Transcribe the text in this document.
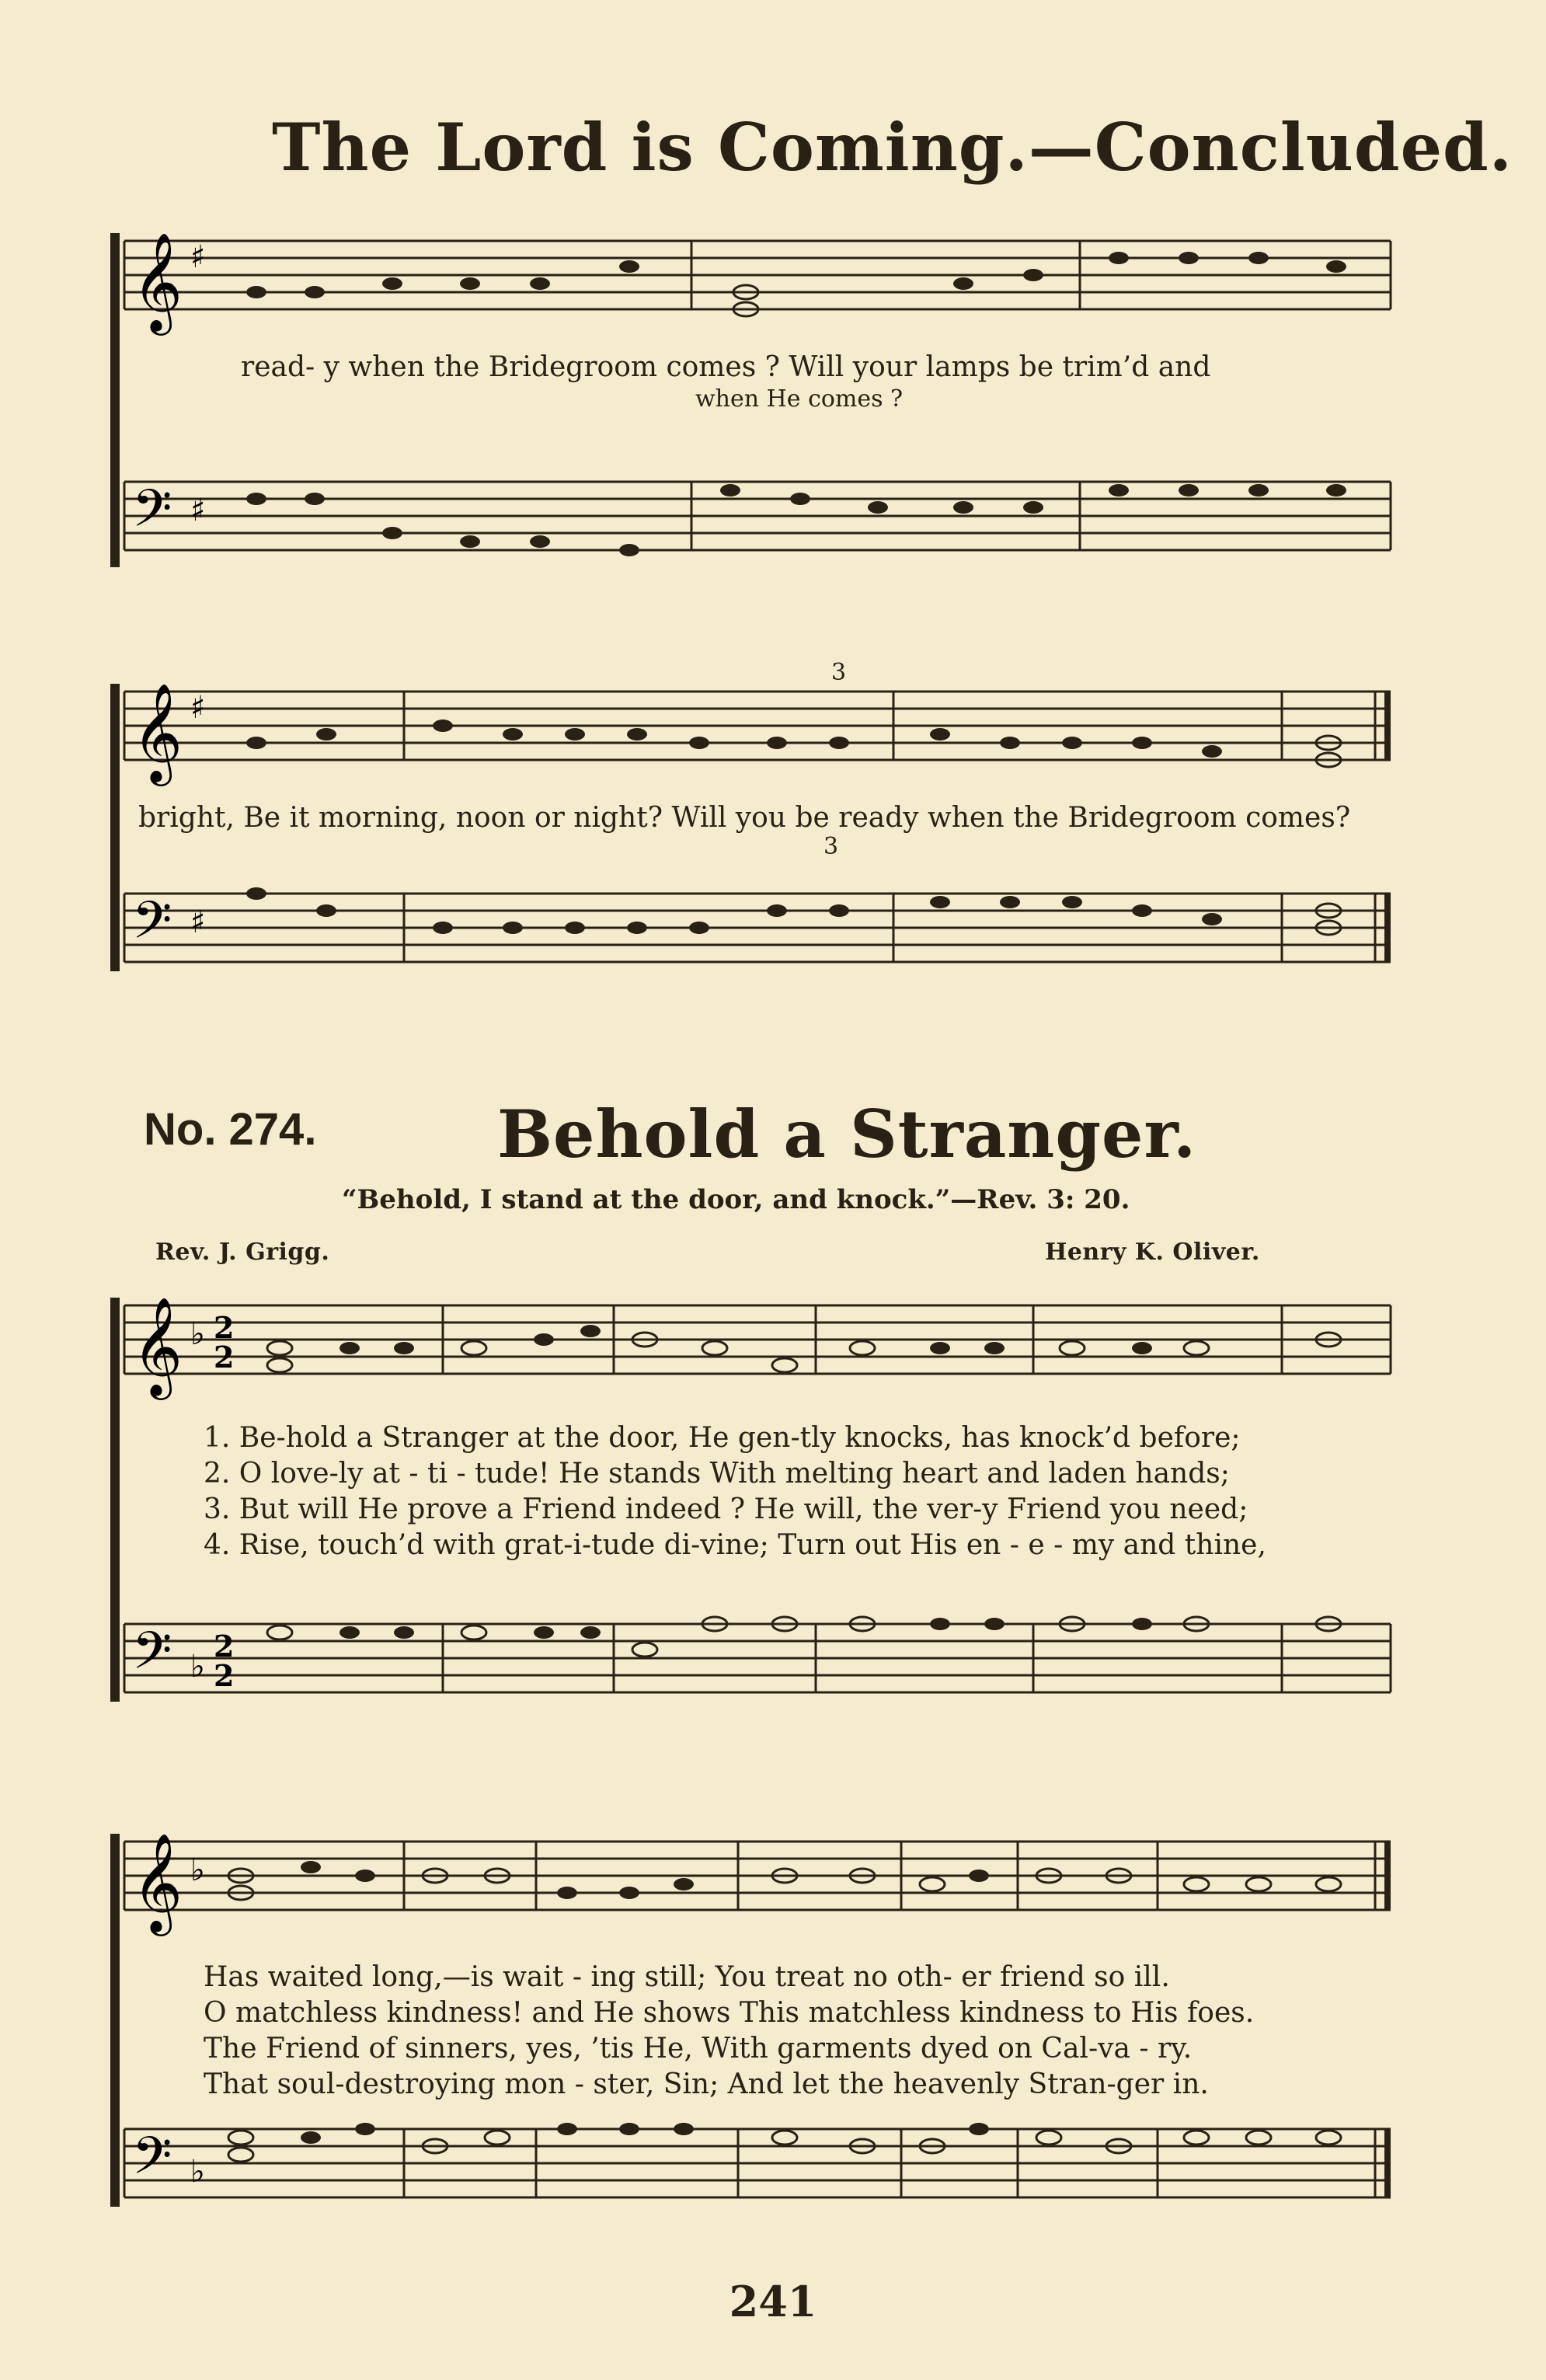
The Lord is Coming.—Concluded.
𝄞 ♯
read- y when the Bridegroom comes ? Will your lamps be trim’d and
when He comes ?
𝄢 ♯
𝄞 ♯
3
bright, Be it morning, noon or night? Will you be ready when the Bridegroom comes?
3
𝄢 ♯
No. 274.	Behold a Stranger.
“Behold, I stand at the door, and knock.”—Rev. 3: 20.
Rev. J. Grigg.	Henry K. Oliver.
𝄞 ♭ 2
2
1. Be-hold a Stranger at the door, He gen-tly knocks, has knock’d before;
2. O love-ly at - ti - tude! He stands With melting heart and laden hands;
3. But will He prove a Friend indeed ? He will, the ver-y Friend you need;
4. Rise, touch’d with grat-i-tude di-vine; Turn out His en - e - my and thine,
𝄢 ♭
2
2
𝄞 ♭
Has waited long,—is wait - ing still; You treat no oth- er friend so ill.
O matchless kindness! and He shows This matchless kindness to His foes.
The Friend of sinners, yes, ’tis He, With garments dyed on Cal-va - ry.
That soul-destroying mon - ster, Sin; And let the heavenly Stran-ger in.
𝄢 ♭
241
